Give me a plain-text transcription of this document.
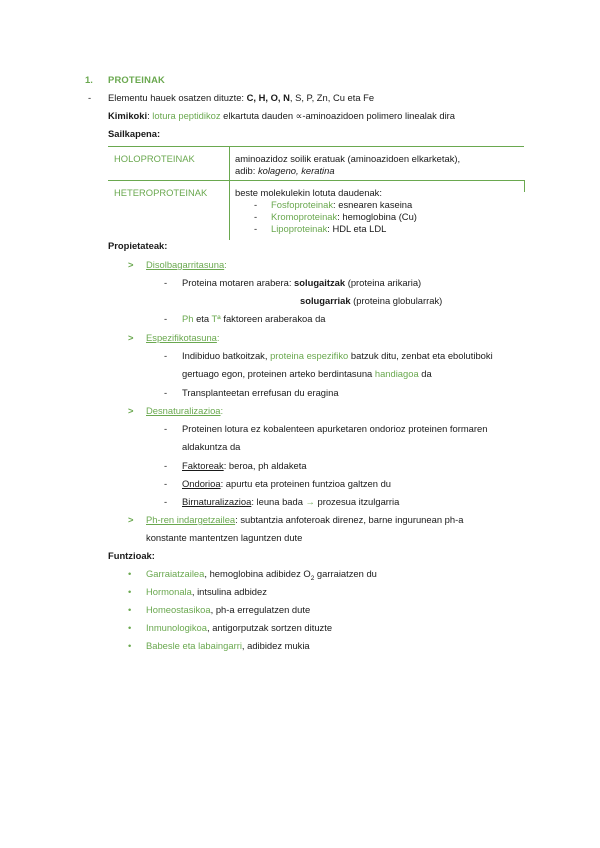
1. PROTEINAK
- Elementu hauek osatzen dituzte: C, H, O, N, S, P, Zn, Cu eta Fe
Kimikoki: lotura peptidikoz elkartuta dauden ∝-aminoazidoen polimero linealak dira
Sailkapena:
HOLOPROTEINAK	aminoazidoz soilik eratuak (aminoazidoen elkarketak),
adib: kolageno, keratina
HETEROPROTEINAK	beste molekulekin lotuta daudenak:
- Fosfoproteinak: esnearen kaseina
- Kromoproteinak: hemoglobina (Cu)
- Lipoproteinak: HDL eta LDL
Propietateak:
> Disolbagarritasuna:
- Proteina motaren arabera: solugaitzak (proteina arikaria)
solugarriak (proteina globularrak)
- Ph eta Tª faktoreen araberakoa da
> Espezifikotasuna:
- Indibiduo batkoitzak, proteina espezifiko batzuk ditu, zenbat eta ebolutiboki
gertuago egon, proteinen arteko berdintasuna handiagoa da
- Transplanteetan errefusan du eragina
> Desnaturalizazioa:
- Proteinen lotura ez kobalenteen apurketaren ondorioz proteinen formaren
aldakuntza da
- Faktoreak: beroa, ph aldaketa
- Ondorioa: apurtu eta proteinen funtzioa galtzen du
- Birnaturalizazioa: leuna bada → prozesua itzulgarria
> Ph-ren indargetzailea: subtantzia anfoteroak direnez, barne ingurunean ph-a
konstante mantentzen laguntzen dute
Funtzioak:
• Garraiatzailea, hemoglobina adibidez $O_2$ garraiatzen du
• Hormonala, intsulina adbidez
• Homeostasikoa, ph-a erregulatzen dute
• Inmunologikoa, antigorputzak sortzen dituzte
• Babesle eta labaingarri, adibidez mukia
